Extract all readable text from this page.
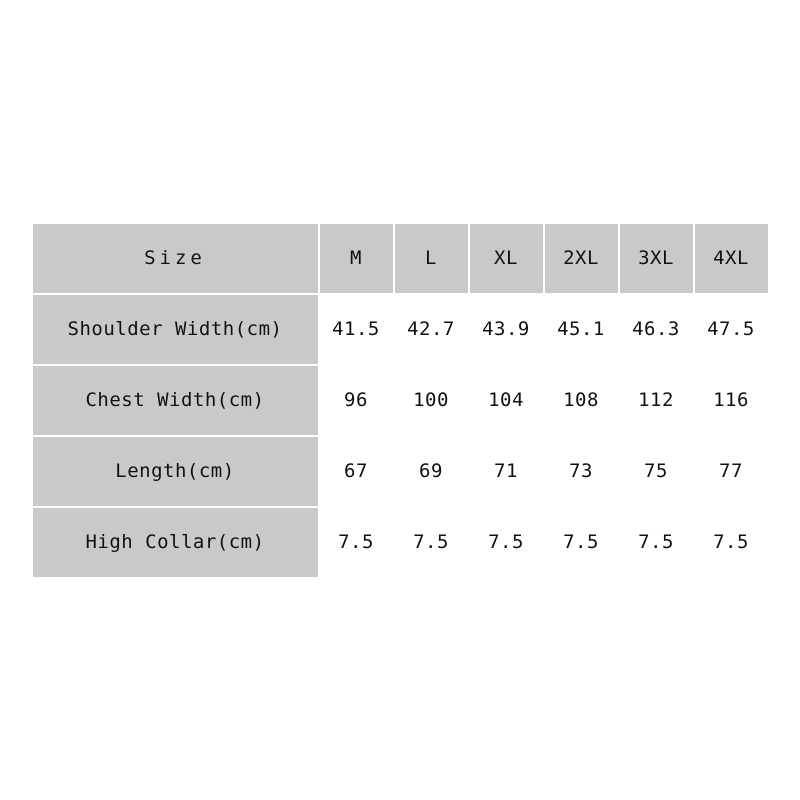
Size	M	L	XL	2XL	3XL	4XL
Shoulder Width(cm)	41.5	42.7	43.9	45.1	46.3	47.5
Chest Width(cm)	96	100	104	108	112	116
Length(cm)	67	69	71	73	75	77
High Collar(cm)	7.5	7.5	7.5	7.5	7.5	7.5
